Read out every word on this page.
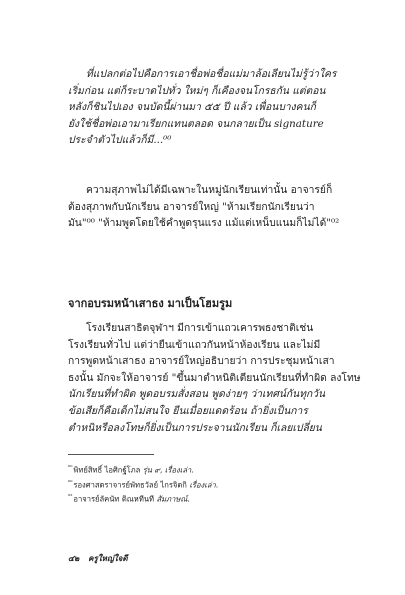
ที่แปลกต่อไปคือการเอาชื่อพ่อชื่อแม่มาล้อเลียนไม่รู้ว่าใคร
เริ่มก่อน แต่ก็ระบาดไปทั่ว ใหม่ๆ ก็เคืองจนโกรธกัน แต่ตอน
หลังก็ชินไปเอง จนบัดนี้ผ่านมา ๕๕ ปี แล้ว เพื่อนบางคนก็
ยังใช้ชื่อพ่อเอามาเรียกแทนตลอด จนกลายเป็น signature
ประจำตัวไปแล้วก็มี...⁰⁰

ความสุภาพไม่ได้มีเฉพาะในหมู่นักเรียนเท่านั้น อาจารย์ก็
ต้องสุภาพกับนักเรียน อาจารย์ใหญ่ "ห้ามเรียกนักเรียนว่า
มัน"⁰⁰ "ห้ามพูดโดยใช้คำพูดรุนแรง แม้แต่เหน็บแนมก็ไม่ได้"⁰²

จากอบรมหน้าเสาธง มาเป็นโฮมรูม

โรงเรียนสาธิตจุฬาฯ มีการเข้าแถวเคารพธงชาติเช่น
โรงเรียนทั่วไป แต่ว่ายืนเข้าแถวกันหน้าห้องเรียน และไม่มี
การพูดหน้าเสาธง อาจารย์ใหญ่อธิบายว่า การประชุมหน้าเสา
ธงนั้น มักจะให้อาจารย์ "ขึ้นมาตำหนิติเตียนนักเรียนที่ทำผิด ลงโทษ
นักเรียนที่ทำผิด พูดอบรมสั่งสอน พูดง่ายๆ ว่าเทศน์กันทุกวัน
ข้อเสียก็คือเด็กไม่สนใจ ยืนเมื่อยแดดร้อน ถ้ายิ่งเป็นการ
ตำหนิหรือลงโทษก็ยิ่งเป็นการประจานนักเรียน ก็เลยเปลี่ยน

$^{^{00}}$พิทย์สิทธิ์ ไอศิกฐ์ุโภล รุ่น ๙, เรื่องเล่า.
$^{^{00}}$รองศาสตราจารย์พัทธวัลย์ ไกรจิตกิ เรื่องเล่า.
$^{^{02}}$อาจารย์ลัคนัท ดิณหทีนที สัมภาษณ์.
๔๒ ครูใหญ่ใจดี
